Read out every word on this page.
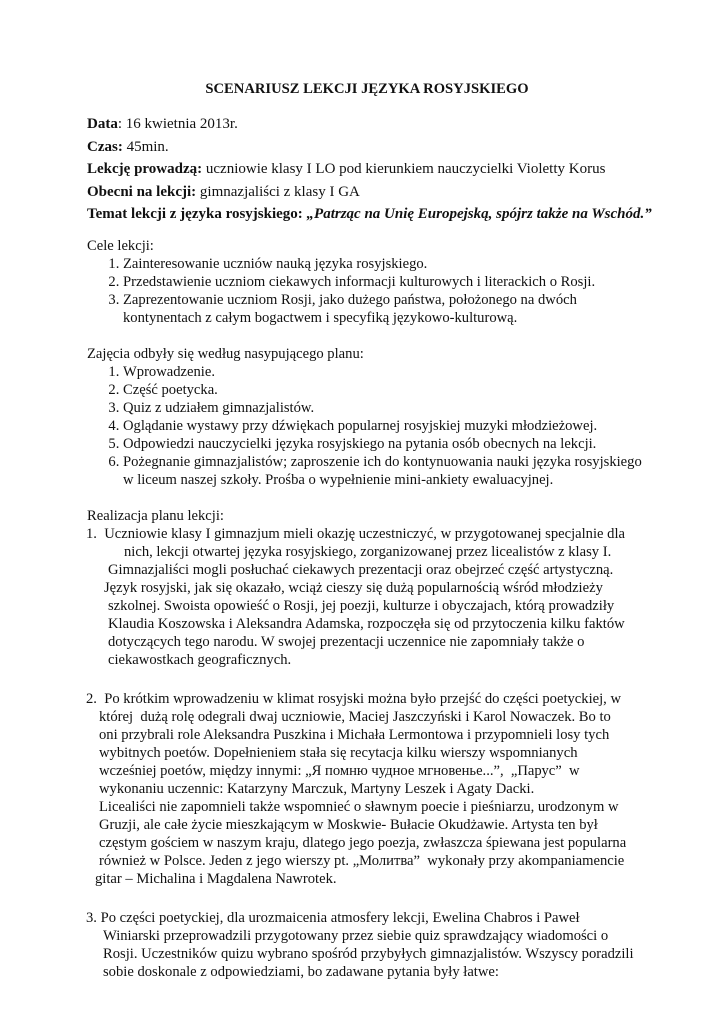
SCENARIUSZ LEKCJI JĘZYKA ROSYJSKIEGO
Data: 16 kwietnia 2013r.
Czas: 45min.
Lekcję prowadzą: uczniowie klasy I LO pod kierunkiem nauczycielki Violetty Korus
Obecni na lekcji: gimnazjaliści z klasy I GA
Temat lekcji z języka rosyjskiego: „Patrząc na Unię Europejską, spójrz także na Wschód.”

Cele lekcji:

1. Zainteresowanie uczniów nauką języka rosyjskiego.
2. Przedstawienie uczniom ciekawych informacji kulturowych i literackich o Rosji.
3. Zaprezentowanie uczniom Rosji, jako dużego państwa, położonego na dwóch kontynentach z całym bogactwem i specyfiką językowo-kulturową.

Zajęcia odbyły się według nasypującego planu:

1. Wprowadzenie.
2. Część poetycka.
3. Quiz z udziałem gimnazjalistów.
4. Oglądanie wystawy przy dźwiękach popularnej rosyjskiej muzyki młodzieżowej.
5. Odpowiedzi nauczycielki języka rosyjskiego na pytania osób obecnych na lekcji.
6. Pożegnanie gimnazjalistów; zaproszenie ich do kontynuowania nauki języka rosyjskiego w liceum naszej szkoły. Prośba o wypełnienie mini-ankiety ewaluacyjnej.

Realizacja planu lekcji:

1.  Uczniowie klasy I gimnazjum mieli okazję uczestniczyć, w przygotowanej specjalnie dla
nich, lekcji otwartej języka rosyjskiego, zorganizowanej przez licealistów z klasy I.
Gimnazjaliści mogli posłuchać ciekawych prezentacji oraz obejrzeć część artystyczną.
Język rosyjski, jak się okazało, wciąż cieszy się dużą popularnością wśród młodzieży
szkolnej. Swoista opowieść o Rosji, jej poezji, kulturze i obyczajach, którą prowadziły
Klaudia Koszowska i Aleksandra Adamska, rozpoczęła się od przytoczenia kilku faktów
dotyczących tego narodu. W swojej prezentacji uczennice nie zapomniały także o
ciekawostkach geograficznych.
2.  Po krótkim wprowadzeniu w klimat rosyjski można było przejść do części poetyckiej, w
której  dużą rolę odegrali dwaj uczniowie, Maciej Jaszczyński i Karol Nowaczek. Bo to
oni przybrali role Aleksandra Puszkina i Michała Lermontowa i przypomnieli losy tych
wybitnych poetów. Dopełnieniem stała się recytacja kilku wierszy wspomnianych
wcześniej poetów, między innymi: „Я помню чудное мгновенье...”,  „Парус”  w
wykonaniu uczennic: Katarzyny Marczuk, Martyny Leszek i Agaty Dacki.
Licealiści nie zapomnieli także wspomnieć o sławnym poecie i pieśniarzu, urodzonym w
Gruzji, ale całe życie mieszkającym w Moskwie- Bułacie Okudżawie. Artysta ten był
częstym gościem w naszym kraju, dlatego jego poezja, zwłaszcza śpiewana jest popularna
również w Polsce. Jeden z jego wierszy pt. „Молитва”  wykonały przy akompaniamencie
gitar – Michalina i Magdalena Nawrotek.
3. Po części poetyckiej, dla urozmaicenia atmosfery lekcji, Ewelina Chabros i Paweł
Winiarski przeprowadzili przygotowany przez siebie quiz sprawdzający wiadomości o
Rosji. Uczestników quizu wybrano spośród przybyłych gimnazjalistów. Wszyscy poradzili
sobie doskonale z odpowiedziami, bo zadawane pytania były łatwe:
